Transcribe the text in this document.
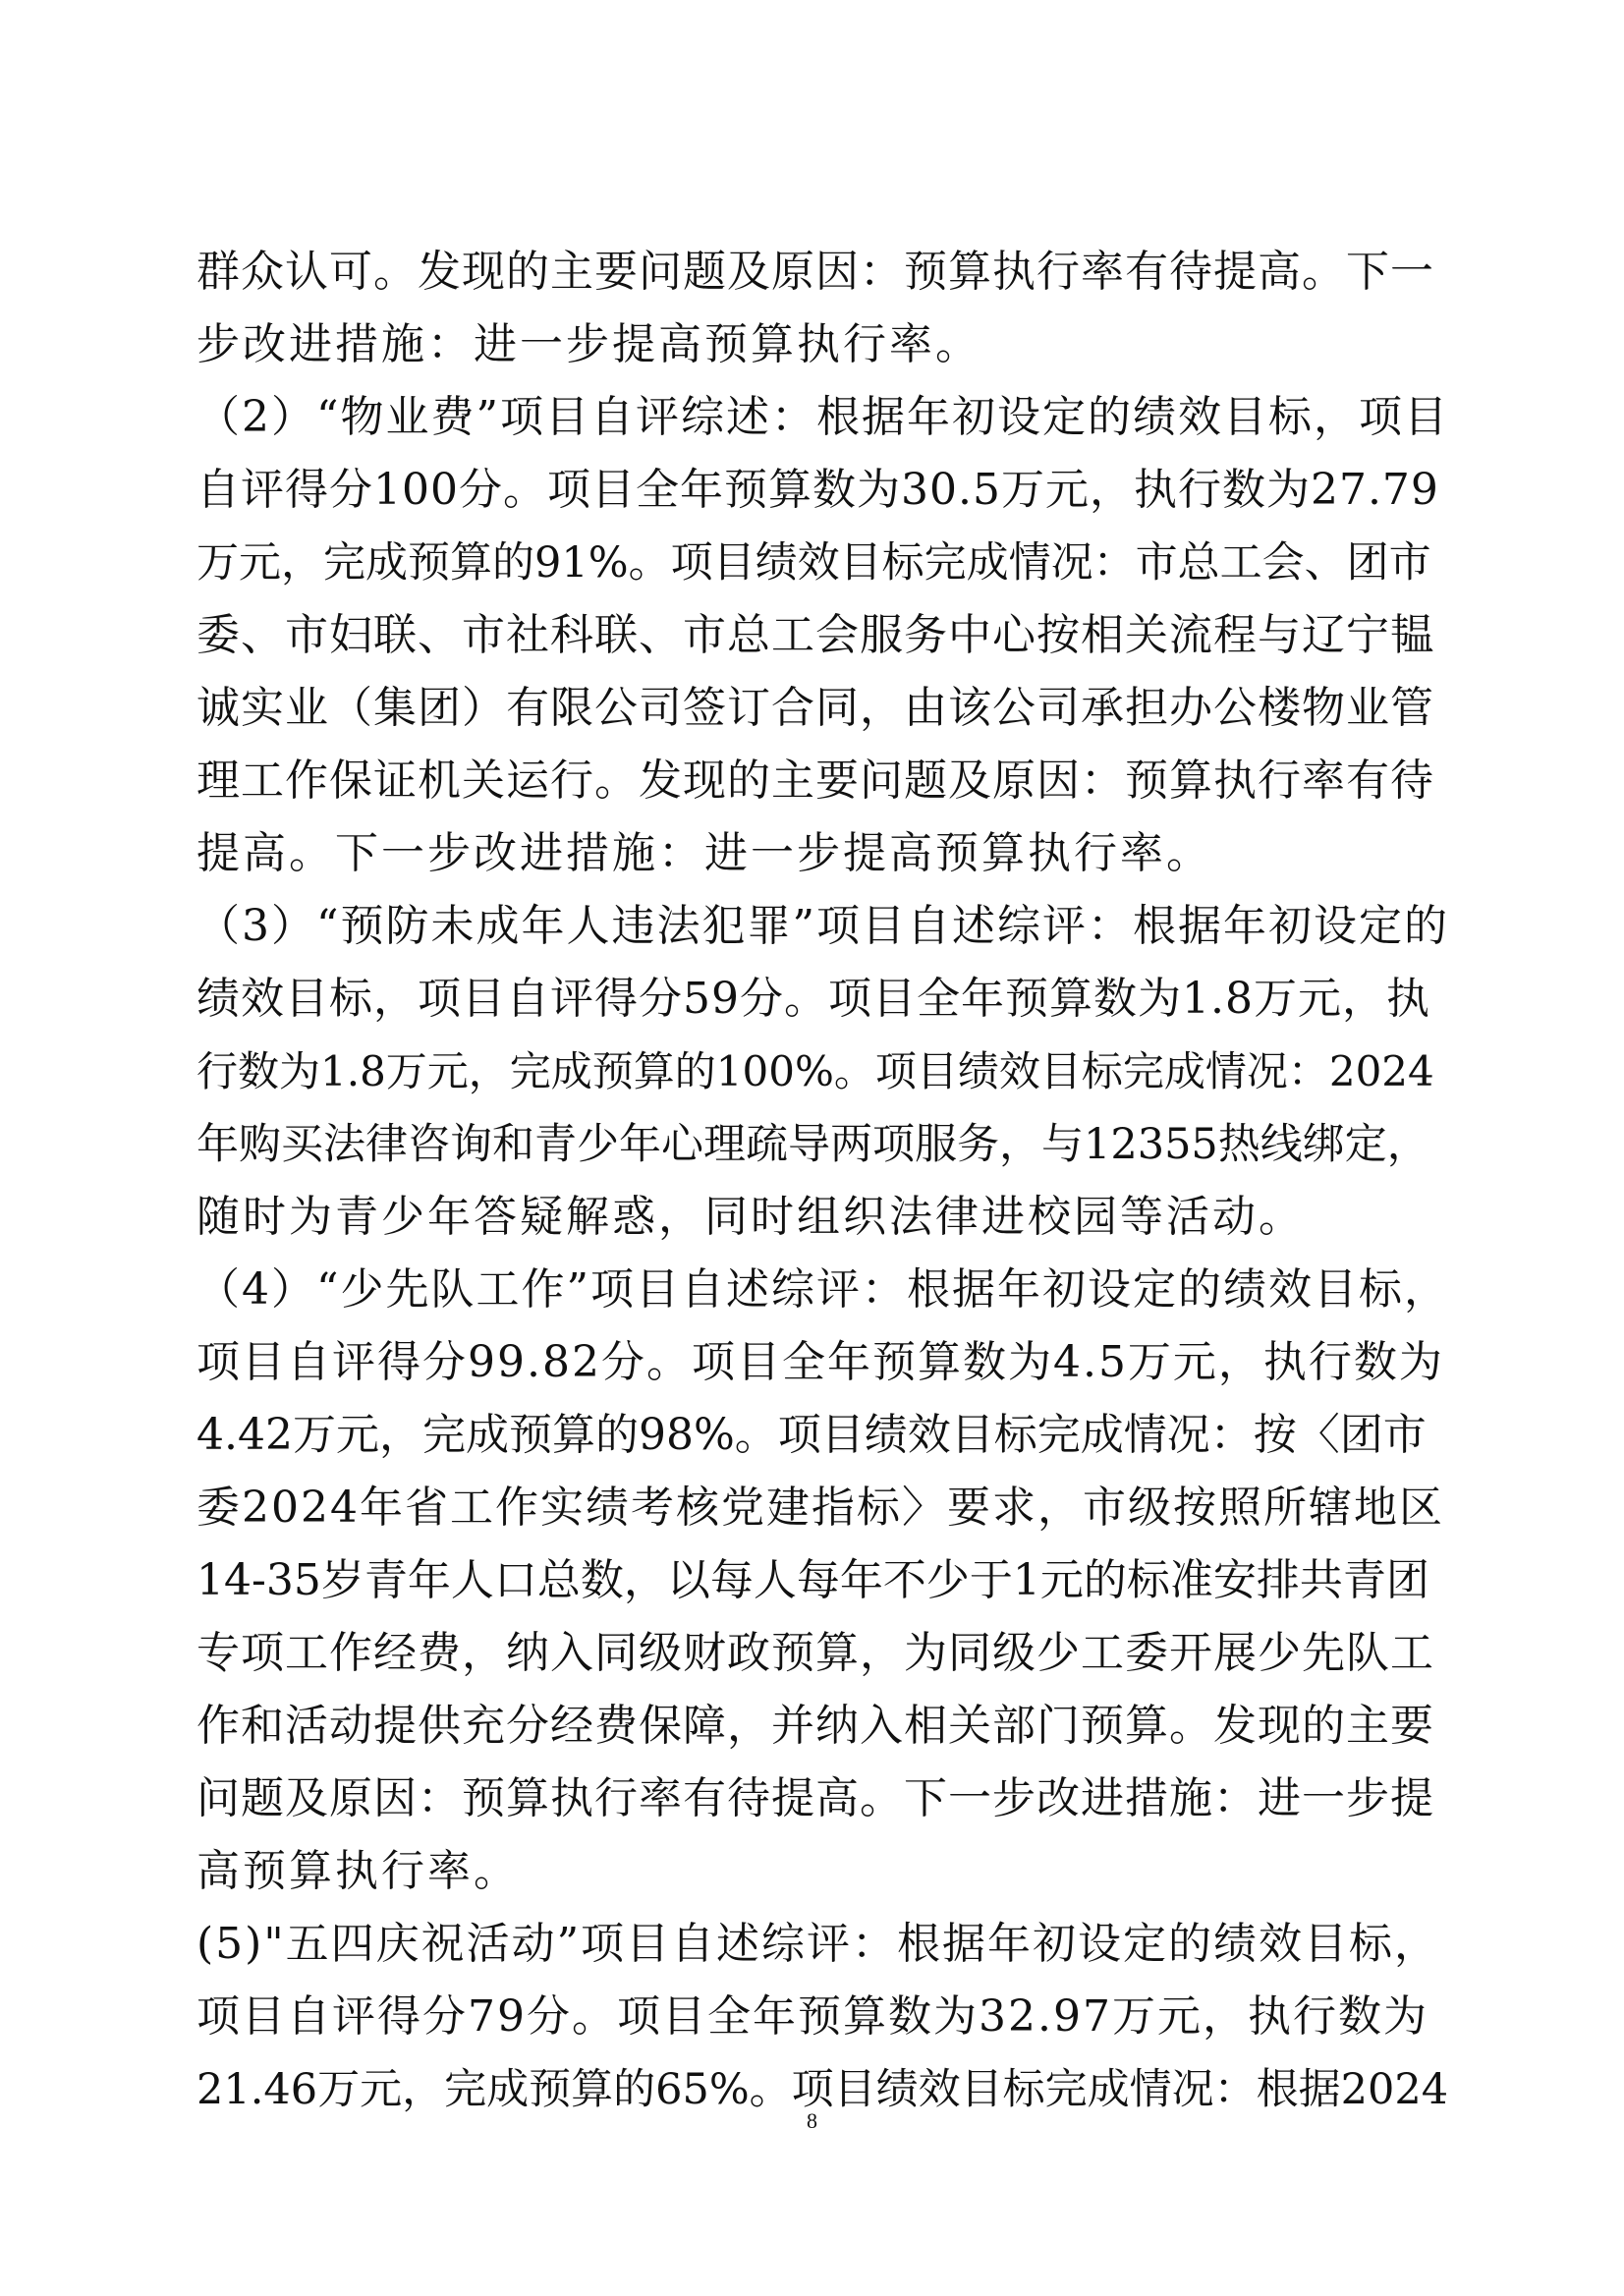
群众认可。发现的主要问题及原因：预算执行率有待提高。下一
步改进措施：进一步提高预算执行率。
（2）“物业费”项目自评综述：根据年初设定的绩效目标，项目
自评得分100分。项目全年预算数为30.5万元，执行数为27.79
万元，完成预算的91%。项目绩效目标完成情况：市总工会、团市
委、市妇联、市社科联、市总工会服务中心按相关流程与辽宁韫
诚实业（集团）有限公司签订合同，由该公司承担办公楼物业管
理工作保证机关运行。发现的主要问题及原因：预算执行率有待
提高。下一步改进措施：进一步提高预算执行率。
（3）“预防未成年人违法犯罪”项目自述综评：根据年初设定的
绩效目标，项目自评得分59分。项目全年预算数为1.8万元，执
行数为1.8万元，完成预算的100%。项目绩效目标完成情况：2024
年购买法律咨询和青少年心理疏导两项服务，与12355热线绑定，
随时为青少年答疑解惑，同时组织法律进校园等活动。
（4）“少先队工作”项目自述综评：根据年初设定的绩效目标，
项目自评得分99.82分。项目全年预算数为4.5万元，执行数为
4.42万元，完成预算的98%。项目绩效目标完成情况：按〈团市
委2024年省工作实绩考核党建指标〉要求，市级按照所辖地区
14-35岁青年人口总数，以每人每年不少于1元的标准安排共青团
专项工作经费，纳入同级财政预算，为同级少工委开展少先队工
作和活动提供充分经费保障，并纳入相关部门预算。发现的主要
问题及原因：预算执行率有待提高。下一步改进措施：进一步提
高预算执行率。
(5)"五四庆祝活动”项目自述综评：根据年初设定的绩效目标，
项目自评得分79分。项目全年预算数为32.97万元，执行数为
21.46万元，完成预算的65%。项目绩效目标完成情况：根据2024
8
